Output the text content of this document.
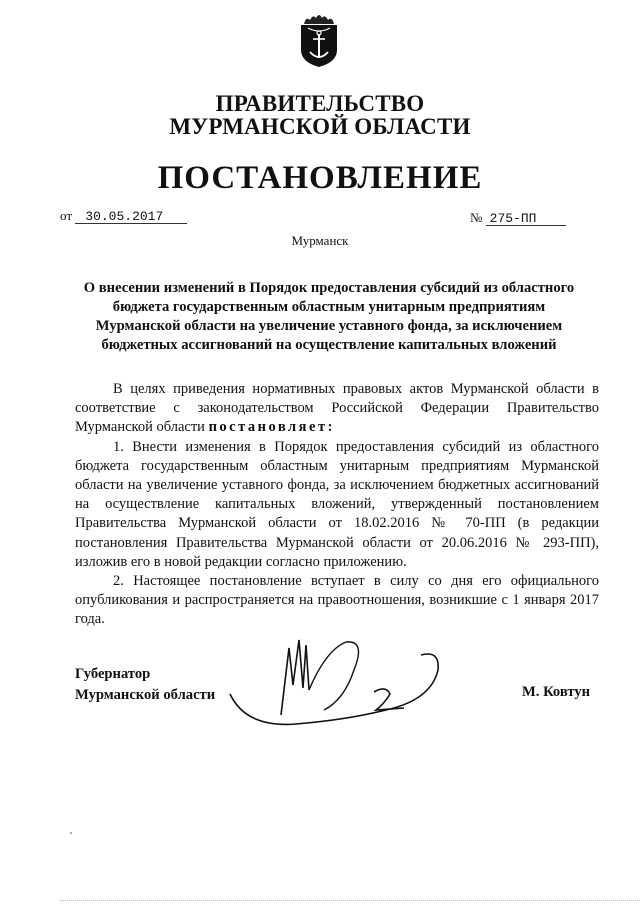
ПРАВИТЕЛЬСТВО
МУРМАНСКОЙ ОБЛАСТИ
ПОСТАНОВЛЕНИЕ
от 30.05.2017	№ 275-ПП
Мурманск
О внесении изменений в Порядок предоставления субсидий из областного бюджета государственным областным унитарным предприятиям Мурманской области на увеличение уставного фонда, за исключением бюджетных ассигнований на осуществление капитальных вложений

В целях приведения нормативных правовых актов Мурманской области в соответствие с законодательством Российской Федерации Правительство Мурманской области постановляет:

1. Внести изменения в Порядок предоставления субсидий из областного бюджета государственным областным унитарным предприятиям Мурманской области на увеличение уставного фонда, за исключением бюджетных ассигнований на осуществление капитальных вложений, утвержденный постановлением Правительства Мурманской области от 18.02.2016 № 70-ПП (в редакции постановления Правительства Мурманской области от 20.06.2016 № 293-ПП), изложив его в новой редакции согласно приложению.

2. Настоящее постановление вступает в силу со дня его официального опубликования и распространяется на правоотношения, возникшие с 1 января 2017 года.

Губернатор
Мурманской области	М. Ковтун
